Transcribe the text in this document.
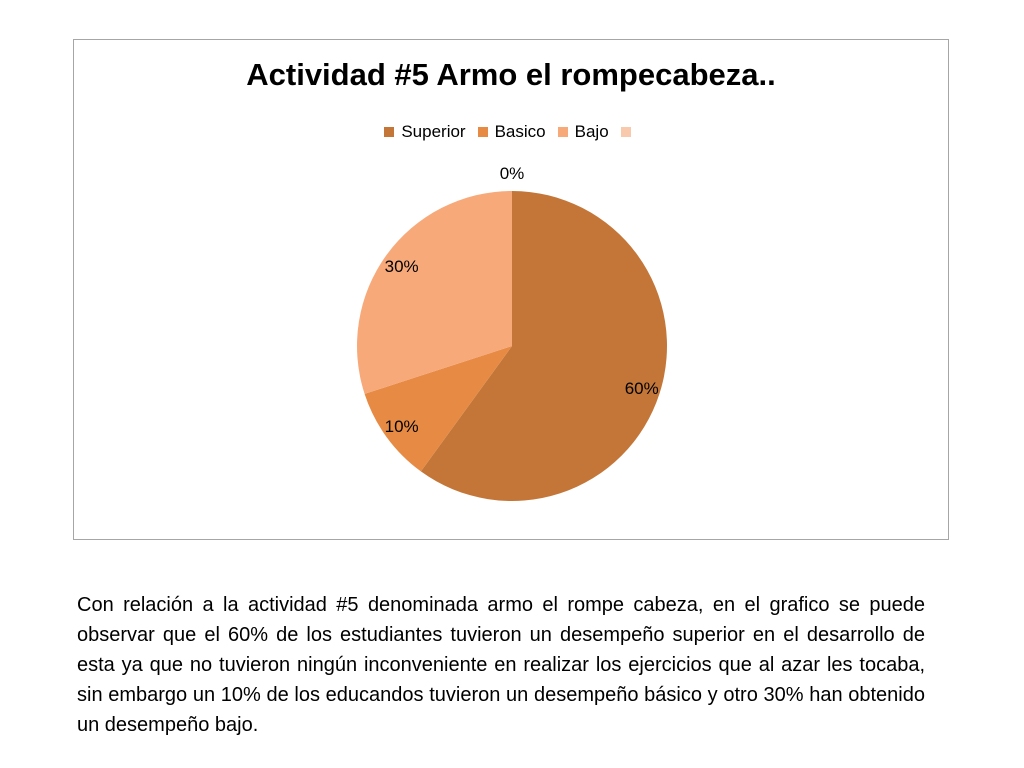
Actividad #5 Armo el rompecabeza..
Superior Basico Bajo
60%
10%
30%
0%

Con relación a la actividad #5 denominada armo el rompe cabeza, en el grafico se puede observar que el 60% de los estudiantes tuvieron un desempeño superior en el desarrollo de esta ya que no tuvieron ningún inconveniente en realizar los ejercicios que al azar les tocaba, sin embargo un 10% de los educandos tuvieron un desempeño básico y otro 30% han obtenido un desempeño bajo.
